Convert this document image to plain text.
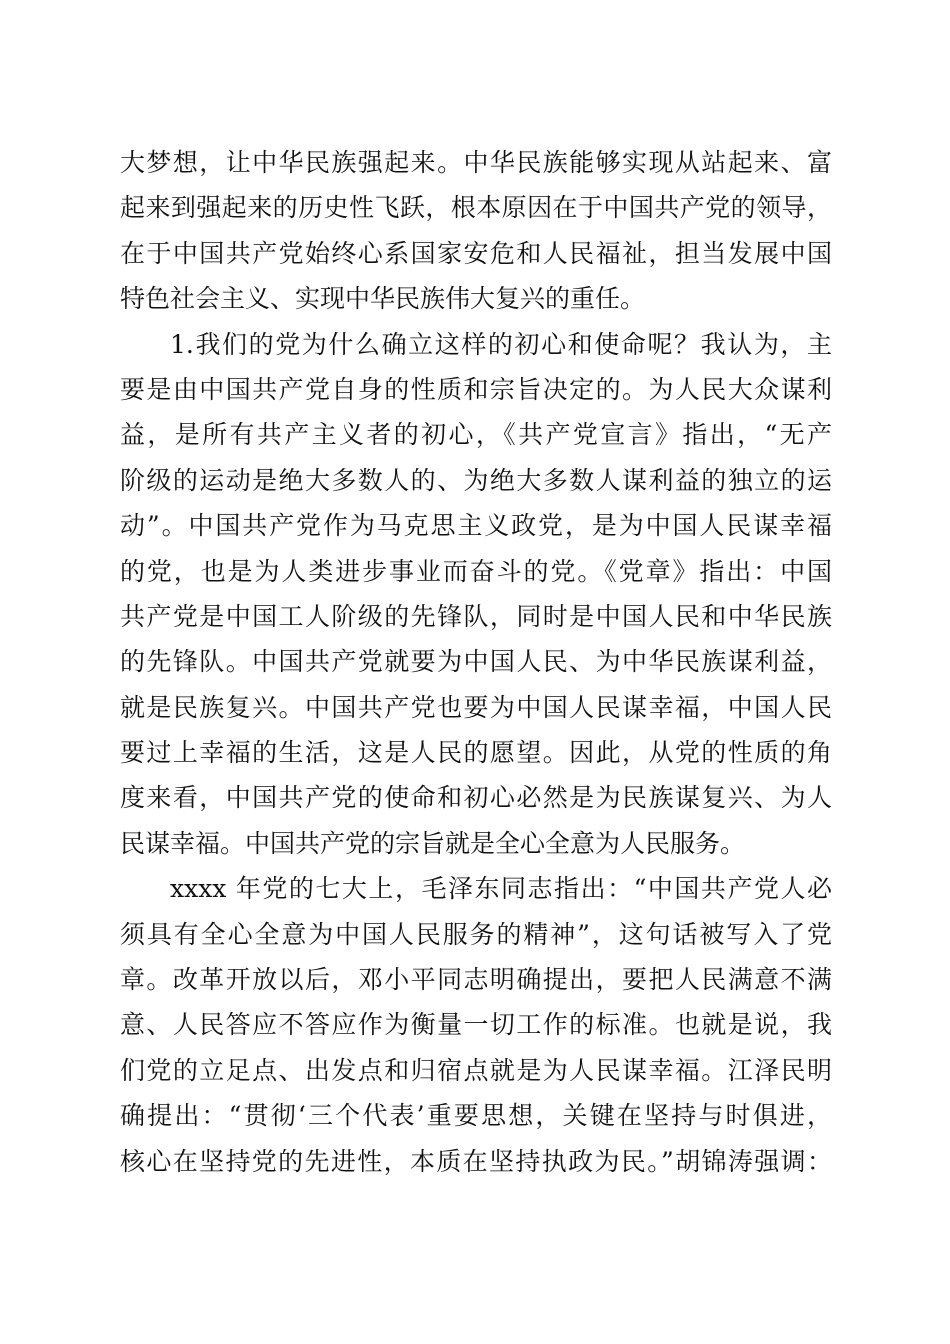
大梦想，让中华民族强起来。中华民族能够实现从站起来、富
起来到强起来的历史性飞跃，根本原因在于中国共产党的领导，
在于中国共产党始终心系国家安危和人民福祉，担当发展中国
特色社会主义、实现中华民族伟大复兴的重任。
1.我们的党为什么确立这样的初心和使命呢？我认为，主
要是由中国共产党自身的性质和宗旨决定的。为人民大众谋利
益，是所有共产主义者的初心，《共产党宣言》指出，“无产
阶级的运动是绝大多数人的、为绝大多数人谋利益的独立的运
动”。中国共产党作为马克思主义政党，是为中国人民谋幸福
的党，也是为人类进步事业而奋斗的党。《党章》指出：中国
共产党是中国工人阶级的先锋队，同时是中国人民和中华民族
的先锋队。中国共产党就要为中国人民、为中华民族谋利益，
就是民族复兴。中国共产党也要为中国人民谋幸福，中国人民
要过上幸福的生活，这是人民的愿望。因此，从党的性质的角
度来看，中国共产党的使命和初心必然是为民族谋复兴、为人
民谋幸福。中国共产党的宗旨就是全心全意为人民服务。
xxxx 年党的七大上，毛泽东同志指出：“中国共产党人必
须具有全心全意为中国人民服务的精神”，这句话被写入了党
章。改革开放以后，邓小平同志明确提出，要把人民满意不满
意、人民答应不答应作为衡量一切工作的标准。也就是说，我
们党的立足点、出发点和归宿点就是为人民谋幸福。江泽民明
确提出：“贯彻‘三个代表’重要思想，关键在坚持与时俱进，
核心在坚持党的先进性，本质在坚持执政为民。”胡锦涛强调：
